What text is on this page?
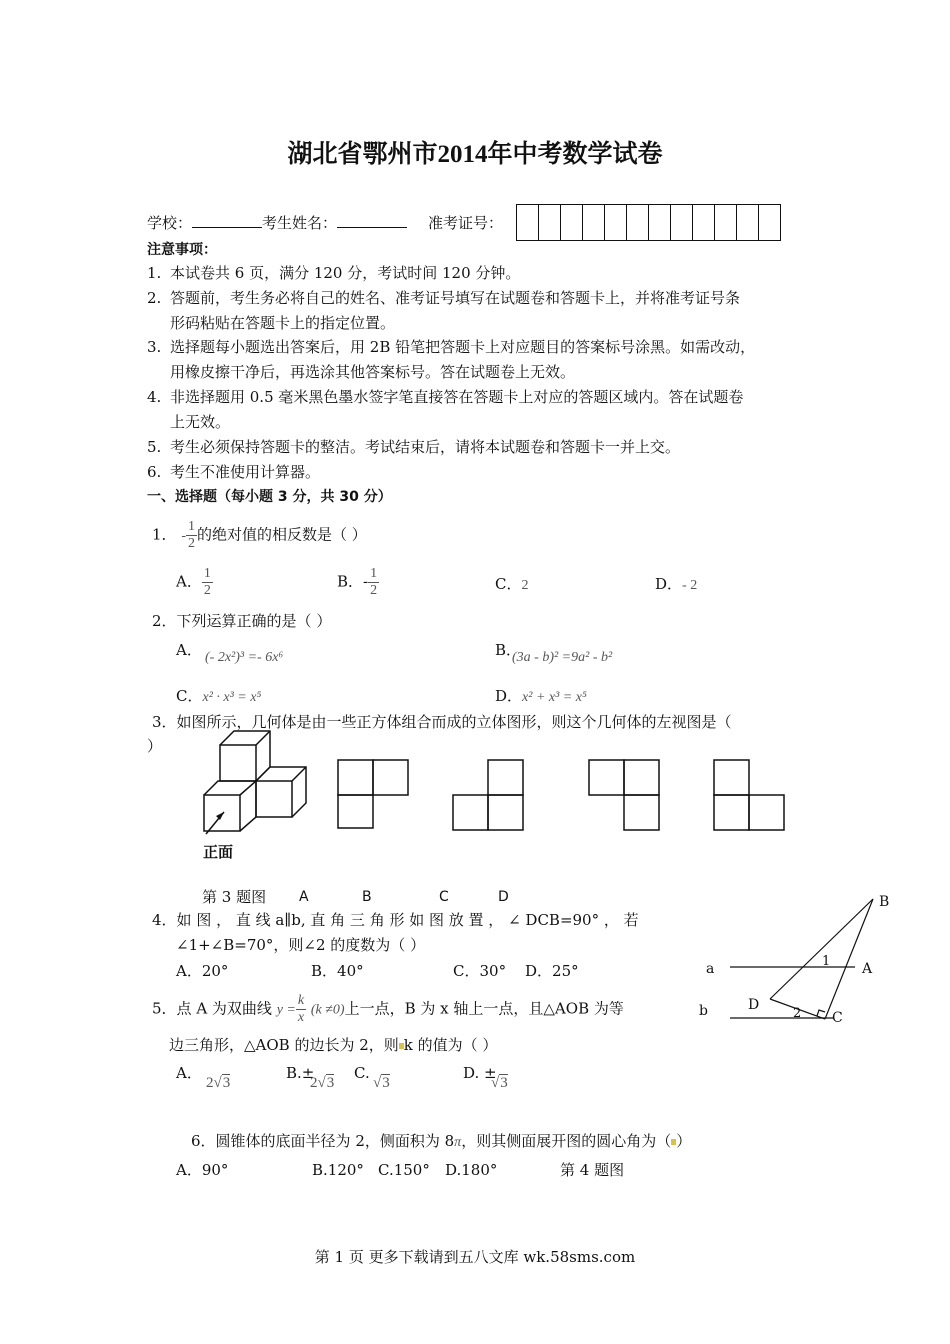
湖北省鄂州市2014年中考数学试卷
学校：	考生姓名：	准考证号：
注意事项：
1. 本试卷共 6 页，满分 120 分，考试时间 120 分钟。
2. 答题前，考生务必将自己的姓名、准考证号填写在试题卷和答题卡上，并将准考证号条
形码粘贴在答题卡上的指定位置。
3. 选择题每小题选出答案后，用 2B 铅笔把答题卡上对应题目的答案标号涂黑。如需改动，
用橡皮擦干净后，再选涂其他答案标号。答在试题卷上无效。
4. 非选择题用 0.5 毫米黑色墨水签字笔直接答在答题卡上对应的答题区域内。答在试题卷
上无效。
5. 考生必须保持答题卡的整洁。考试结束后，请将本试题卷和答题卡一并上交。
6. 考生不准使用计算器。
一、选择题（每小题 3 分，共 30 分）
1． - $\frac{1}{2}$ 的绝对值的相反数是（ ）
A． $\frac{1}{2}$	B．- $\frac{1}{2}$	C．2	D．- 2
2．下列运算正确的是（ ）
A． (- 2x²)³ =- 6x⁶	B．
(3a - b)² =9a² - b²
C．x² · x³ = x⁵	D．x² + x³ = x⁵
3．如图所示，几何体是由一些正方体组合而成的立体图形，则这个几何体的左视图是（
）
正面
第 3 题图 A	B	C	D
4．如 图 ， 直 线 a∥b, 直 角 三 角 形 如 图 放 置 ， ∠ DCB=90° ， 若
∠1+∠B=70°，则∠2 的度数为（ ）
A．20°	B．40°	C．30° D．25°
B
A
a
b	D
C
1
2
5．点 A 为双曲线 $y = \frac{k}{x} (k \ne 0)$上一点，B 为 x 轴上一点，且△AOB 为等
边三角形，△AOB 的边长为 2，则 k 的值为（ ）
A．
2√3
B.±
2√3
C.
√3
D. ±
√3
6．圆锥体的底面半径为 2，侧面积为 8π，则其侧面展开图的圆心角为（ ）
A．90°	B.120° C.150° D.180°	第 4 题图
第 1 页 更多下载请到五八文库 wk.58sms.com
